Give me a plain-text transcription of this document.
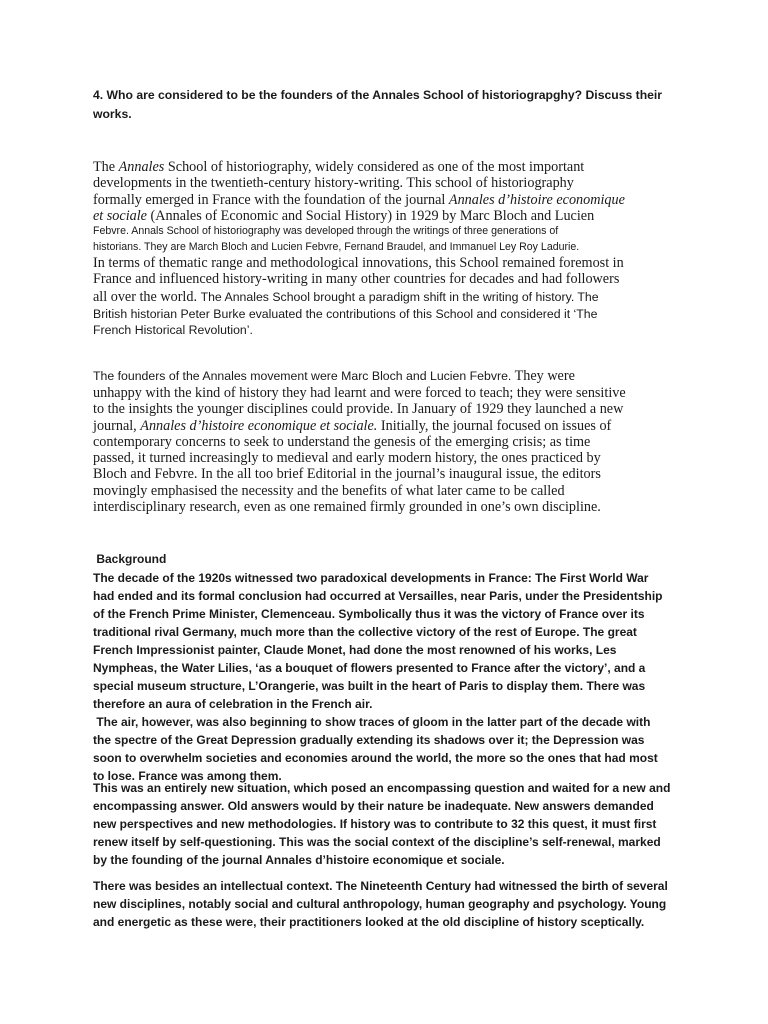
4. Who are considered to be the founders of the Annales School of historiograpghy? Discuss their

works.

The Annales School of historiography, widely considered as one of the most important

developments in the twentieth-century history-writing. This school of historiography

formally emerged in France with the foundation of the journal Annales d’histoire economique

et sociale (Annales of Economic and Social History) in 1929 by Marc Bloch and Lucien

Febvre. Annals School of historiography was developed through the writings of three generations of

historians. They are March Bloch and Lucien Febvre, Fernand Braudel, and Immanuel Ley Roy Ladurie.

In terms of thematic range and methodological innovations, this School remained foremost in

France and influenced history-writing in many other countries for decades and had followers

all over the world. The Annales School brought a paradigm shift in the writing of history. The

British historian Peter Burke evaluated the contributions of this School and considered it ‘The

French Historical Revolution’.

The founders of the Annales movement were Marc Bloch and Lucien Febvre. They were

unhappy with the kind of history they had learnt and were forced to teach; they were sensitive

to the insights the younger disciplines could provide. In January of 1929 they launched a new

journal, Annales d’histoire economique et sociale. Initially, the journal focused on issues of

contemporary concerns to seek to understand the genesis of the emerging crisis; as time

passed, it turned increasingly to medieval and early modern history, the ones practiced by

Bloch and Febvre. In the all too brief Editorial in the journal’s inaugural issue, the editors

movingly emphasised the necessity and the benefits of what later came to be called

interdisciplinary research, even as one remained firmly grounded in one’s own discipline.

Background

The decade of the 1920s witnessed two paradoxical developments in France: The First World War

had ended and its formal conclusion had occurred at Versailles, near Paris, under the Presidentship

of the French Prime Minister, Clemenceau. Symbolically thus it was the victory of France over its

traditional rival Germany, much more than the collective victory of the rest of Europe. The great

French Impressionist painter, Claude Monet, had done the most renowned of his works, Les

Nympheas, the Water Lilies, ‘as a bouquet of flowers presented to France after the victory’, and a

special museum structure, L’Orangerie, was built in the heart of Paris to display them. There was

therefore an aura of celebration in the French air.

The air, however, was also beginning to show traces of gloom in the latter part of the decade with

the spectre of the Great Depression gradually extending its shadows over it; the Depression was

soon to overwhelm societies and economies around the world, the more so the ones that had most

to lose. France was among them.

This was an entirely new situation, which posed an encompassing question and waited for a new and

encompassing answer. Old answers would by their nature be inadequate. New answers demanded

new perspectives and new methodologies. If history was to contribute to 32 this quest, it must first

renew itself by self-questioning. This was the social context of the discipline’s self-renewal, marked

by the founding of the journal Annales d’histoire economique et sociale.

There was besides an intellectual context. The Nineteenth Century had witnessed the birth of several

new disciplines, notably social and cultural anthropology, human geography and psychology. Young

and energetic as these were, their practitioners looked at the old discipline of history sceptically.
